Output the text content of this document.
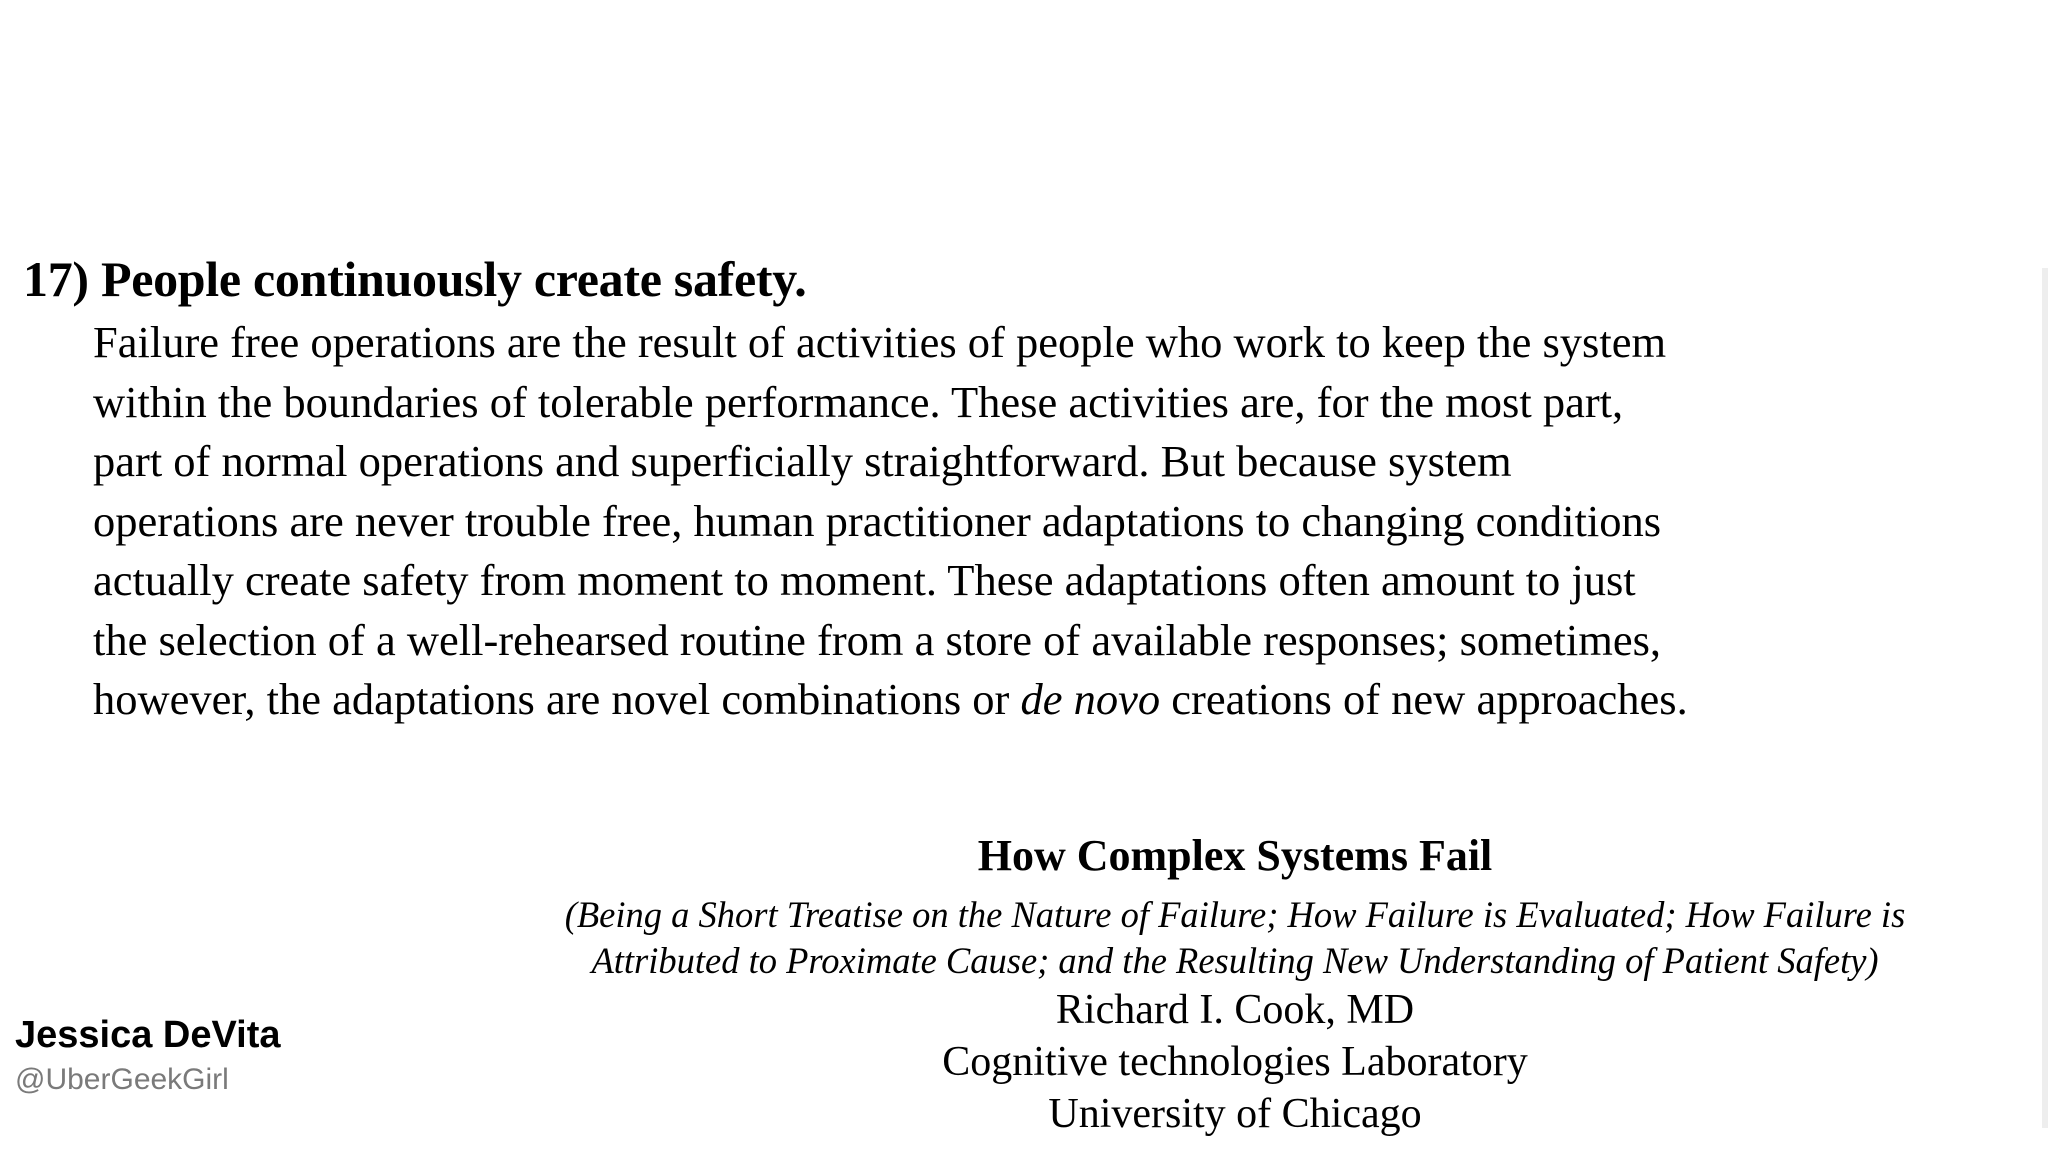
17) People continuously create safety.
Failure free operations are the result of activities of people who work to keep the system
within the boundaries of tolerable performance. These activities are, for the most part,
part of normal operations and superficially straightforward. But because system
operations are never trouble free, human practitioner adaptations to changing conditions
actually create safety from moment to moment. These adaptations often amount to just
the selection of a well-rehearsed routine from a store of available responses; sometimes,
however, the adaptations are novel combinations or de novo creations of new approaches.
How Complex Systems Fail
(Being a Short Treatise on the Nature of Failure; How Failure is Evaluated; How Failure is
Attributed to Proximate Cause; and the Resulting New Understanding of Patient Safety)
Richard I. Cook, MD
Cognitive technologies Laboratory
University of Chicago
Jessica DeVita
@UberGeekGirl
